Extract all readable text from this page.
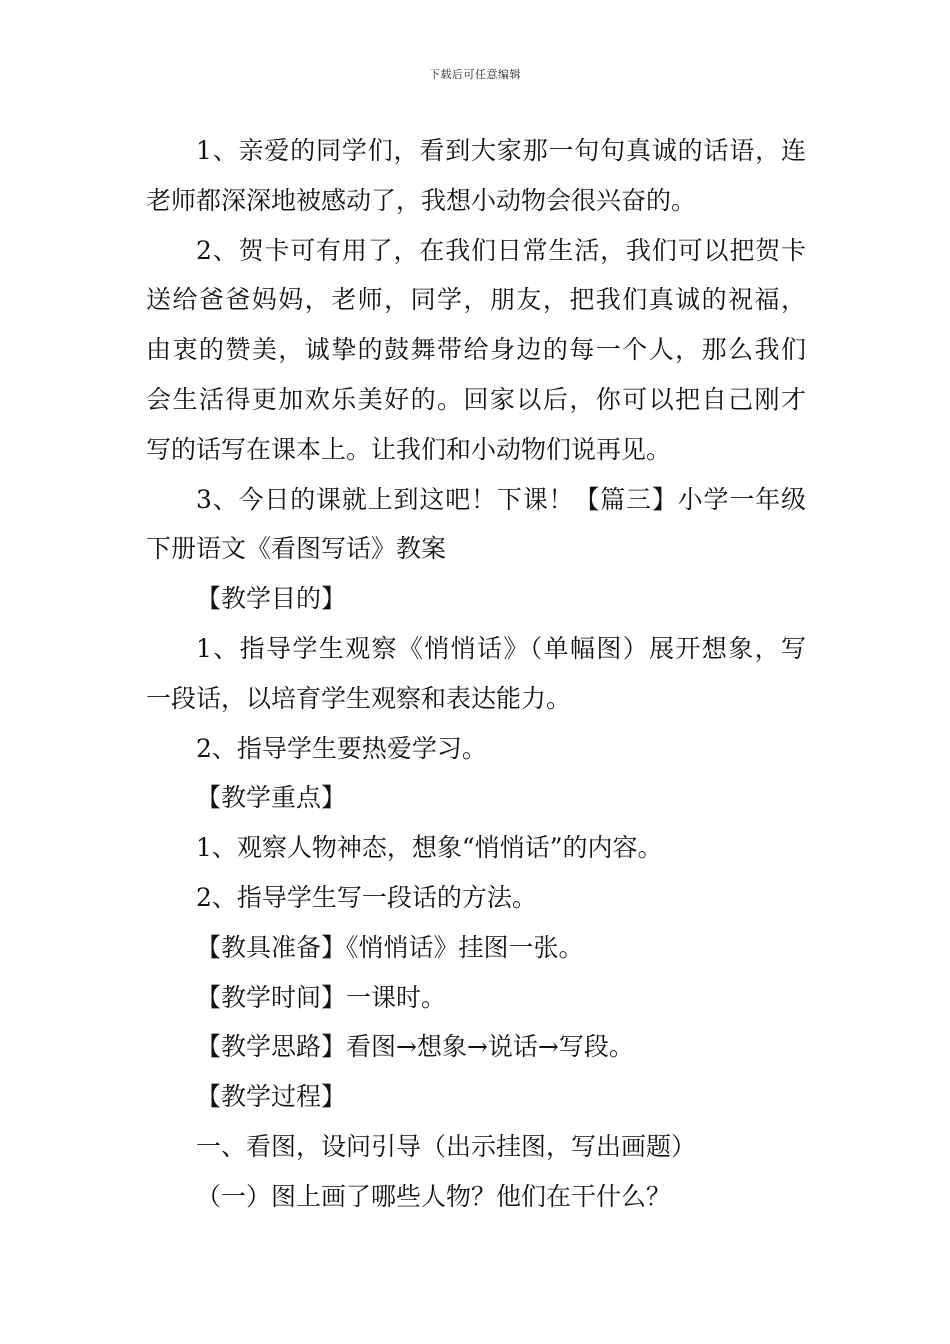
下载后可任意编辑
1、亲爱的同学们，看到大家那一句句真诚的话语，连
老师都深深地被感动了，我想小动物会很兴奋的。
2、贺卡可有用了，在我们日常生活，我们可以把贺卡
送给爸爸妈妈，老师，同学，朋友，把我们真诚的祝福，
由衷的赞美，诚挚的鼓舞带给身边的每一个人，那么我们
会生活得更加欢乐美好的。回家以后，你可以把自己刚才
写的话写在课本上。让我们和小动物们说再见。
3、今日的课就上到这吧！下课！【篇三】小学一年级
下册语文《看图写话》教案
【教学目的】
1、指导学生观察《悄悄话》（单幅图）展开想象，写
一段话，以培育学生观察和表达能力。
2、指导学生要热爱学习。
【教学重点】
1、观察人物神态，想象“悄悄话”的内容。
2、指导学生写一段话的方法。
【教具准备】《悄悄话》挂图一张。
【教学时间】一课时。
【教学思路】看图→想象→说话→写段。
【教学过程】
一、看图，设问引导（出示挂图，写出画题）
（一）图上画了哪些人物？他们在干什么？
